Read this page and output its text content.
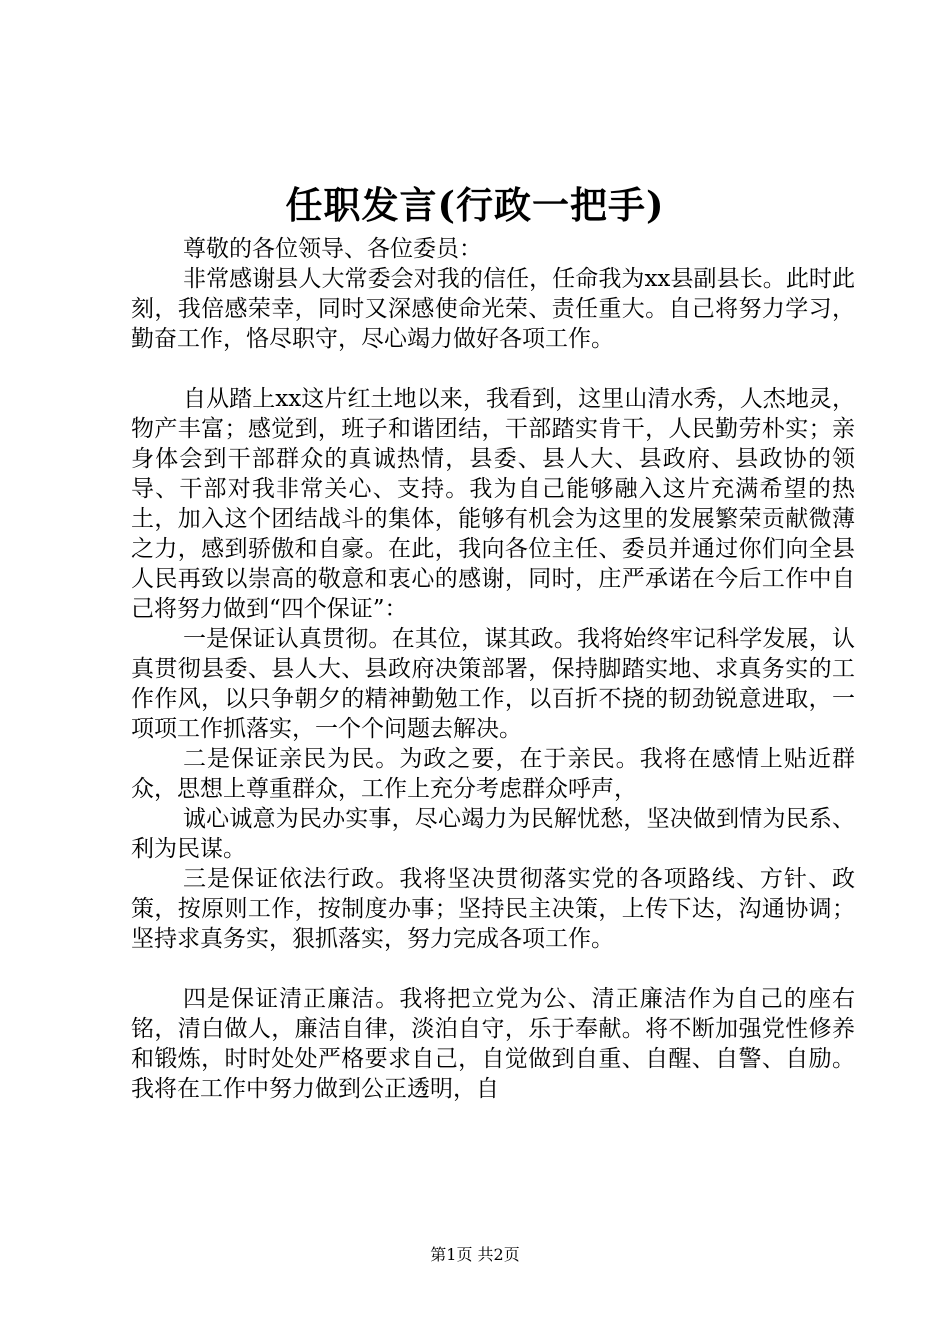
任职发言(行政一把手)

尊敬的各位领导、各位委员：

非常感谢县人大常委会对我的信任，任命我为xx县副县长。此时此刻，我倍感荣幸，同时又深感使命光荣、责任重大。自己将努力学习，勤奋工作，恪尽职守，尽心竭力做好各项工作。

自从踏上xx这片红土地以来，我看到，这里山清水秀，人杰地灵，物产丰富；感觉到，班子和谐团结，干部踏实肯干，人民勤劳朴实；亲身体会到干部群众的真诚热情，县委、县人大、县政府、县政协的领导、干部对我非常关心、支持。我为自己能够融入这片充满希望的热土，加入这个团结战斗的集体，能够有机会为这里的发展繁荣贡献微薄之力，感到骄傲和自豪。在此，我向各位主任、委员并通过你们向全县人民再致以崇高的敬意和衷心的感谢，同时，庄严承诺在今后工作中自己将努力做到“四个保证”：

一是保证认真贯彻。在其位，谋其政。我将始终牢记科学发展，认真贯彻县委、县人大、县政府决策部署，保持脚踏实地、求真务实的工作作风，以只争朝夕的精神勤勉工作，以百折不挠的韧劲锐意进取，一项项工作抓落实，一个个问题去解决。

二是保证亲民为民。为政之要，在于亲民。我将在感情上贴近群众，思想上尊重群众，工作上充分考虑群众呼声，

诚心诚意为民办实事，尽心竭力为民解忧愁，坚决做到情为民系、利为民谋。

三是保证依法行政。我将坚决贯彻落实党的各项路线、方针、政策，按原则工作，按制度办事；坚持民主决策，上传下达，沟通协调；坚持求真务实，狠抓落实，努力完成各项工作。

四是保证清正廉洁。我将把立党为公、清正廉洁作为自己的座右铭，清白做人，廉洁自律，淡泊自守，乐于奉献。将不断加强党性修养和锻炼，时时处处严格要求自己，自觉做到自重、自醒、自警、自励。我将在工作中努力做到公正透明，自

第1页 共2页
